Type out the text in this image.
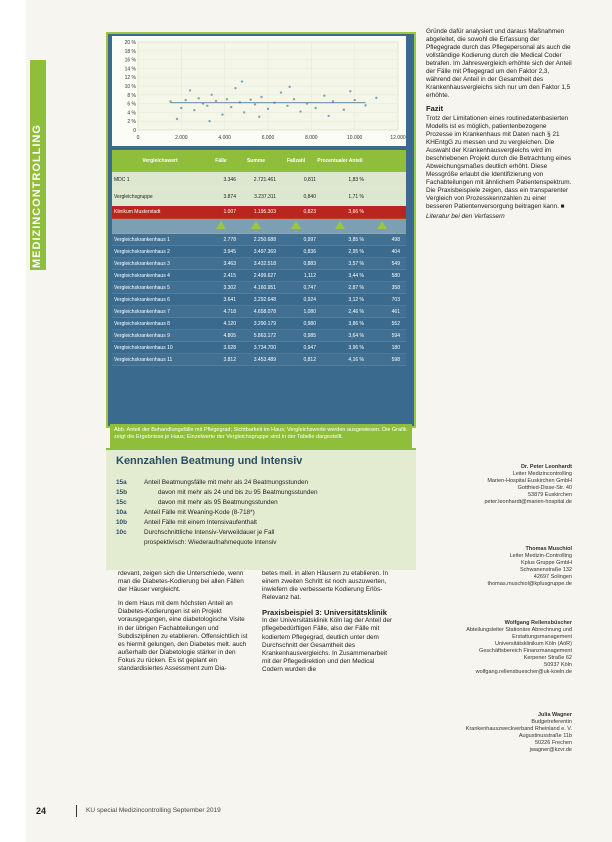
MEDIZINCONTROLLING	0
2 %
4 %
6 %
8 %
10 %
12 %
14 %
16 %
18 %
20 %
0	2.000	4.000	6.000	8.000	10.000	12.000
Vergleichswert	Fälle	Summe	Fallzahl	Prozentualer Anteil
MDC 1	3.346	2.721.461	0,811	1,83 %
Vergleichsgruppe	3.874	3.237.311	0,840	1,71 %
Klinikum Musterstadt	1.007	1.195.303	0,823	3,66 %
Vergleichskrankenhaus 1	2.778	2.250.688	0,997	3,85 %	498
Vergleichskrankenhaus 2	3.945	3.497.369	0,836	2,95 %	404
Vergleichskrankenhaus 3	3.463	3.432.518	0,883	3,57 %	549
Vergleichskrankenhaus 4	2.415	2.499.627	1,112	3,44 %	580
Vergleichskrankenhaus 5	3.302	4.160.951	0,747	2,87 %	358
Vergleichskrankenhaus 6	3.641	3.292.648	0,924	3,12 %	703
Vergleichskrankenhaus 7	4.718	4.658.078	1,080	2,46 %	461
Vergleichskrankenhaus 8	4.120	3.290.179	0,980	3,86 %	552
Vergleichskrankenhaus 9	4.805	5.863.172	0,985	3,64 %	594
Vergleichskrankenhaus 10	3.628	3.734.700	0,947	3,96 %	180
Vergleichskrankenhaus 11	3.812	3.453.489	0,812	4,16 %	598
Abb. Anteil der Behandlungsfälle mit Pflegegrad; Sichtbarkeit im Haus; Vergleichswerte werden ausgewiesen. Die Grafik zeigt die Ergebnisse je Haus; Einzelwerte der Vergleichsgruppe sind in der Tabelle dargestellt.

Gründe dafür analysiert und daraus Maßnahmen abgeleitet, die sowohl die Erfassung der Pflegegrade durch das Pflegepersonal als auch die vollständige Kodierung durch die Medical Coder betrafen. Im Jahresvergleich erhöhte sich der Anteil der Fälle mit Pflegegrad um den Faktor 2,3, während der Anteil in der Gesamtheit des Krankenhausvergleichs sich nur um den Faktor 1,5 erhöhte.

Fazit

Trotz der Limitationen eines routinedatenbasierten Modells ist es möglich, patientenbezogene Prozesse im Krankenhaus mit Daten nach § 21 KHEntgG zu messen und zu vergleichen. Die Auswahl der Krankenhausvergleichs wird im beschriebenen Projekt durch die Betrachtung eines Abweichungsmaßes deutlich erhöht. Diese Messgröße erlaubt die Identifizierung von Fachabteilungen mit ähnlichem Patientenspektrum. Die Praxisbeispiele zeigen, dass ein transparenter Vergleich von Prozesskennzahlen zu einer besseren Patientenversorgung beitragen kann. ■

Literatur bei den Verfassern

Kennzahlen Beatmung und Intensiv
15a	Anteil Beatmungsfälle mit mehr als 24 Beatmungsstunden
15b	davon mit mehr als 24 und bis zu 95 Beatmungsstunden
15c	davon mit mehr als 95 Beatmungsstunden
10a	Anteil Fälle mit Weaning-Kode (8-718*)
10b	Anteil Fälle mit einem Intensivaufenthalt
10c	Durchschnittliche Intensiv-Verweildauer je Fall
prospektivisch: Wiederaufnahmequote Intensiv
Dr. Peter Leonhardt
Leiter Medizincontrolling
Marien-Hospital Euskirchen GmbH
Gottfried-Disse-Str. 40
53879 Euskirchen
peter.leonhardt@marien-hospital.de
Thomas Muschiol
Leiter Medizin-Controlling
Kplus Gruppe GmbH
Schwanenstraße 132
42697 Solingen
thomas.muschiol@kplusgruppe.de
Wolfgang Rellensbüscher
Abteilungsleiter Stationäre Abrechnung und
Erstattungsmanagement
Universitätsklinikum Köln (AöR)
Geschäftsbereich Finanzmanagement
Kerpener Straße 62
50937 Köln
wolfgang.rellensbuescher@uk-koeln.de
Julia Wagner
Budgetreferentin
Krankenhauszweckverband Rheinland e. V.
Augustinusstraße 11b
50226 Frechen
jwagner@kzvr.de

rdevant, zeigen sich die Unterschiede, wenn man die Diabetes-Kodierung bei allen Fällen der Häuser vergleicht.

In dem Haus mit dem höchsten Anteil an Diabetes-Kodierungen ist ein Projekt vorausgegangen, eine diabetologische Visite in der übrigen Fachabteilungen und Subdisziplinen zu etablieren. Offensichtlich ist es hiermit gelungen, den Diabetes melt. auch außerhalb der Diabetologie stärker in den Fokus zu rücken. Es ist geplant ein standardisiertes Assessment zum Dia-

betes mell. in allen Häusern zu etablieren. In einem zweiten Schritt ist noch auszuwerten, inwiefern die verbesserte Kodierung Erlös-Relevanz hat.

Praxisbeispiel 3: Universitätsklinik

In der Universitätsklinik Köln lag der Anteil der pflegebedürftigen Fälle, also der Fälle mit kodiertem Pflegegrad, deutlich unter dem Durchschnitt der Gesamtheit des Krankenhausvergleichs. In Zusammenarbeit mit der Pflegedirektion und den Medical Codern wurden die

24	KU special Medizincontrolling September 2019
